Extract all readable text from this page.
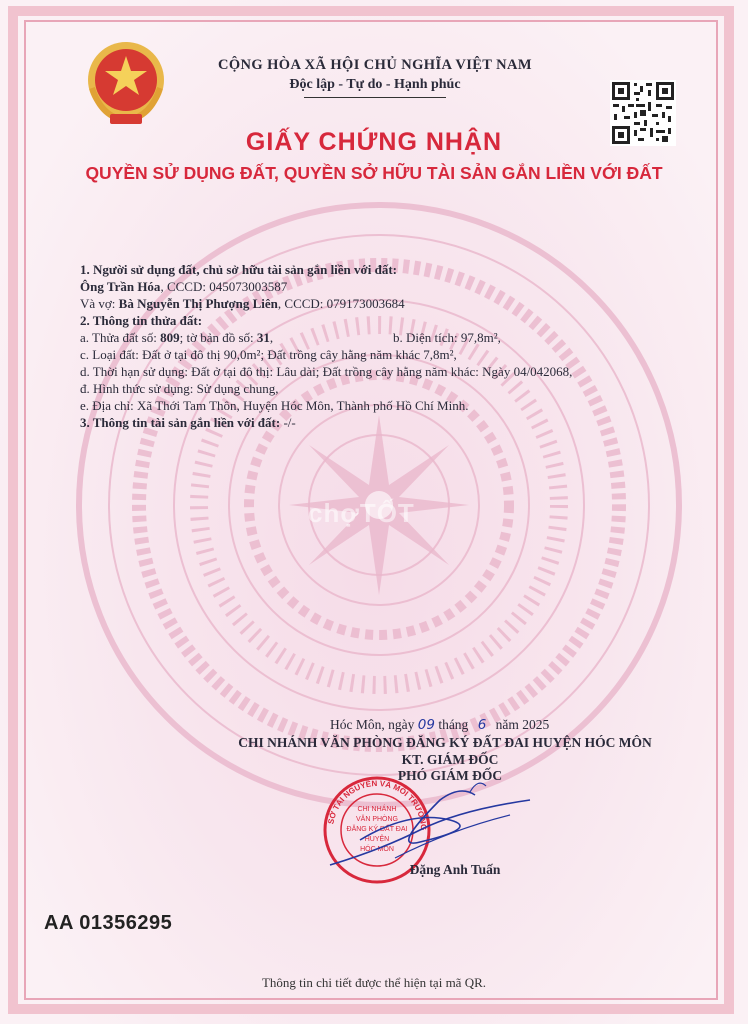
CỘNG HÒA XÃ HỘI CHỦ NGHĨA VIỆT NAM
Độc lập - Tự do - Hạnh phúc
GIẤY CHỨNG NHẬN
QUYỀN SỬ DỤNG ĐẤT, QUYỀN SỞ HỮU TÀI SẢN GẮN LIỀN VỚI ĐẤT
1. Người sử dụng đất, chủ sở hữu tài sản gắn liền với đất:
Ông Trần Hóa, CCCD: 045073003587
Và vợ: Bà Nguyễn Thị Phượng Liên, CCCD: 079173003684
2. Thông tin thửa đất:
a. Thửa đất số: 809; tờ bản đồ số: 31,	b. Diện tích: 97,8m²,
c. Loại đất: Đất ở tại đô thị 90,0m²; Đất trồng cây hằng năm khác 7,8m²,
d. Thời hạn sử dụng: Đất ở tại đô thị: Lâu dài; Đất trồng cây hằng năm khác: Ngày 04/042068,
đ. Hình thức sử dụng: Sử dụng chung,
e. Địa chỉ: Xã Thới Tam Thôn, Huyện Hóc Môn, Thành phố Hồ Chí Minh.
3. Thông tin tài sản gắn liền với đất: -/-
chợTỐT
Hóc Môn, ngày 09 tháng 6 năm 2025
CHI NHÁNH VĂN PHÒNG ĐĂNG KÝ ĐẤT ĐAI HUYỆN HÓC MÔN
KT. GIÁM ĐỐC
PHÓ GIÁM ĐỐC
SỞ TÀI NGUYÊN VÀ MÔI TRƯỜNG
CHI NHÁNH
VĂN PHÒNG
ĐĂNG KÝ ĐẤT ĐAI
HUYỆN
HÓC MÔN
Đặng Anh Tuấn
AA 01356295
Thông tin chi tiết được thể hiện tại mã QR.
